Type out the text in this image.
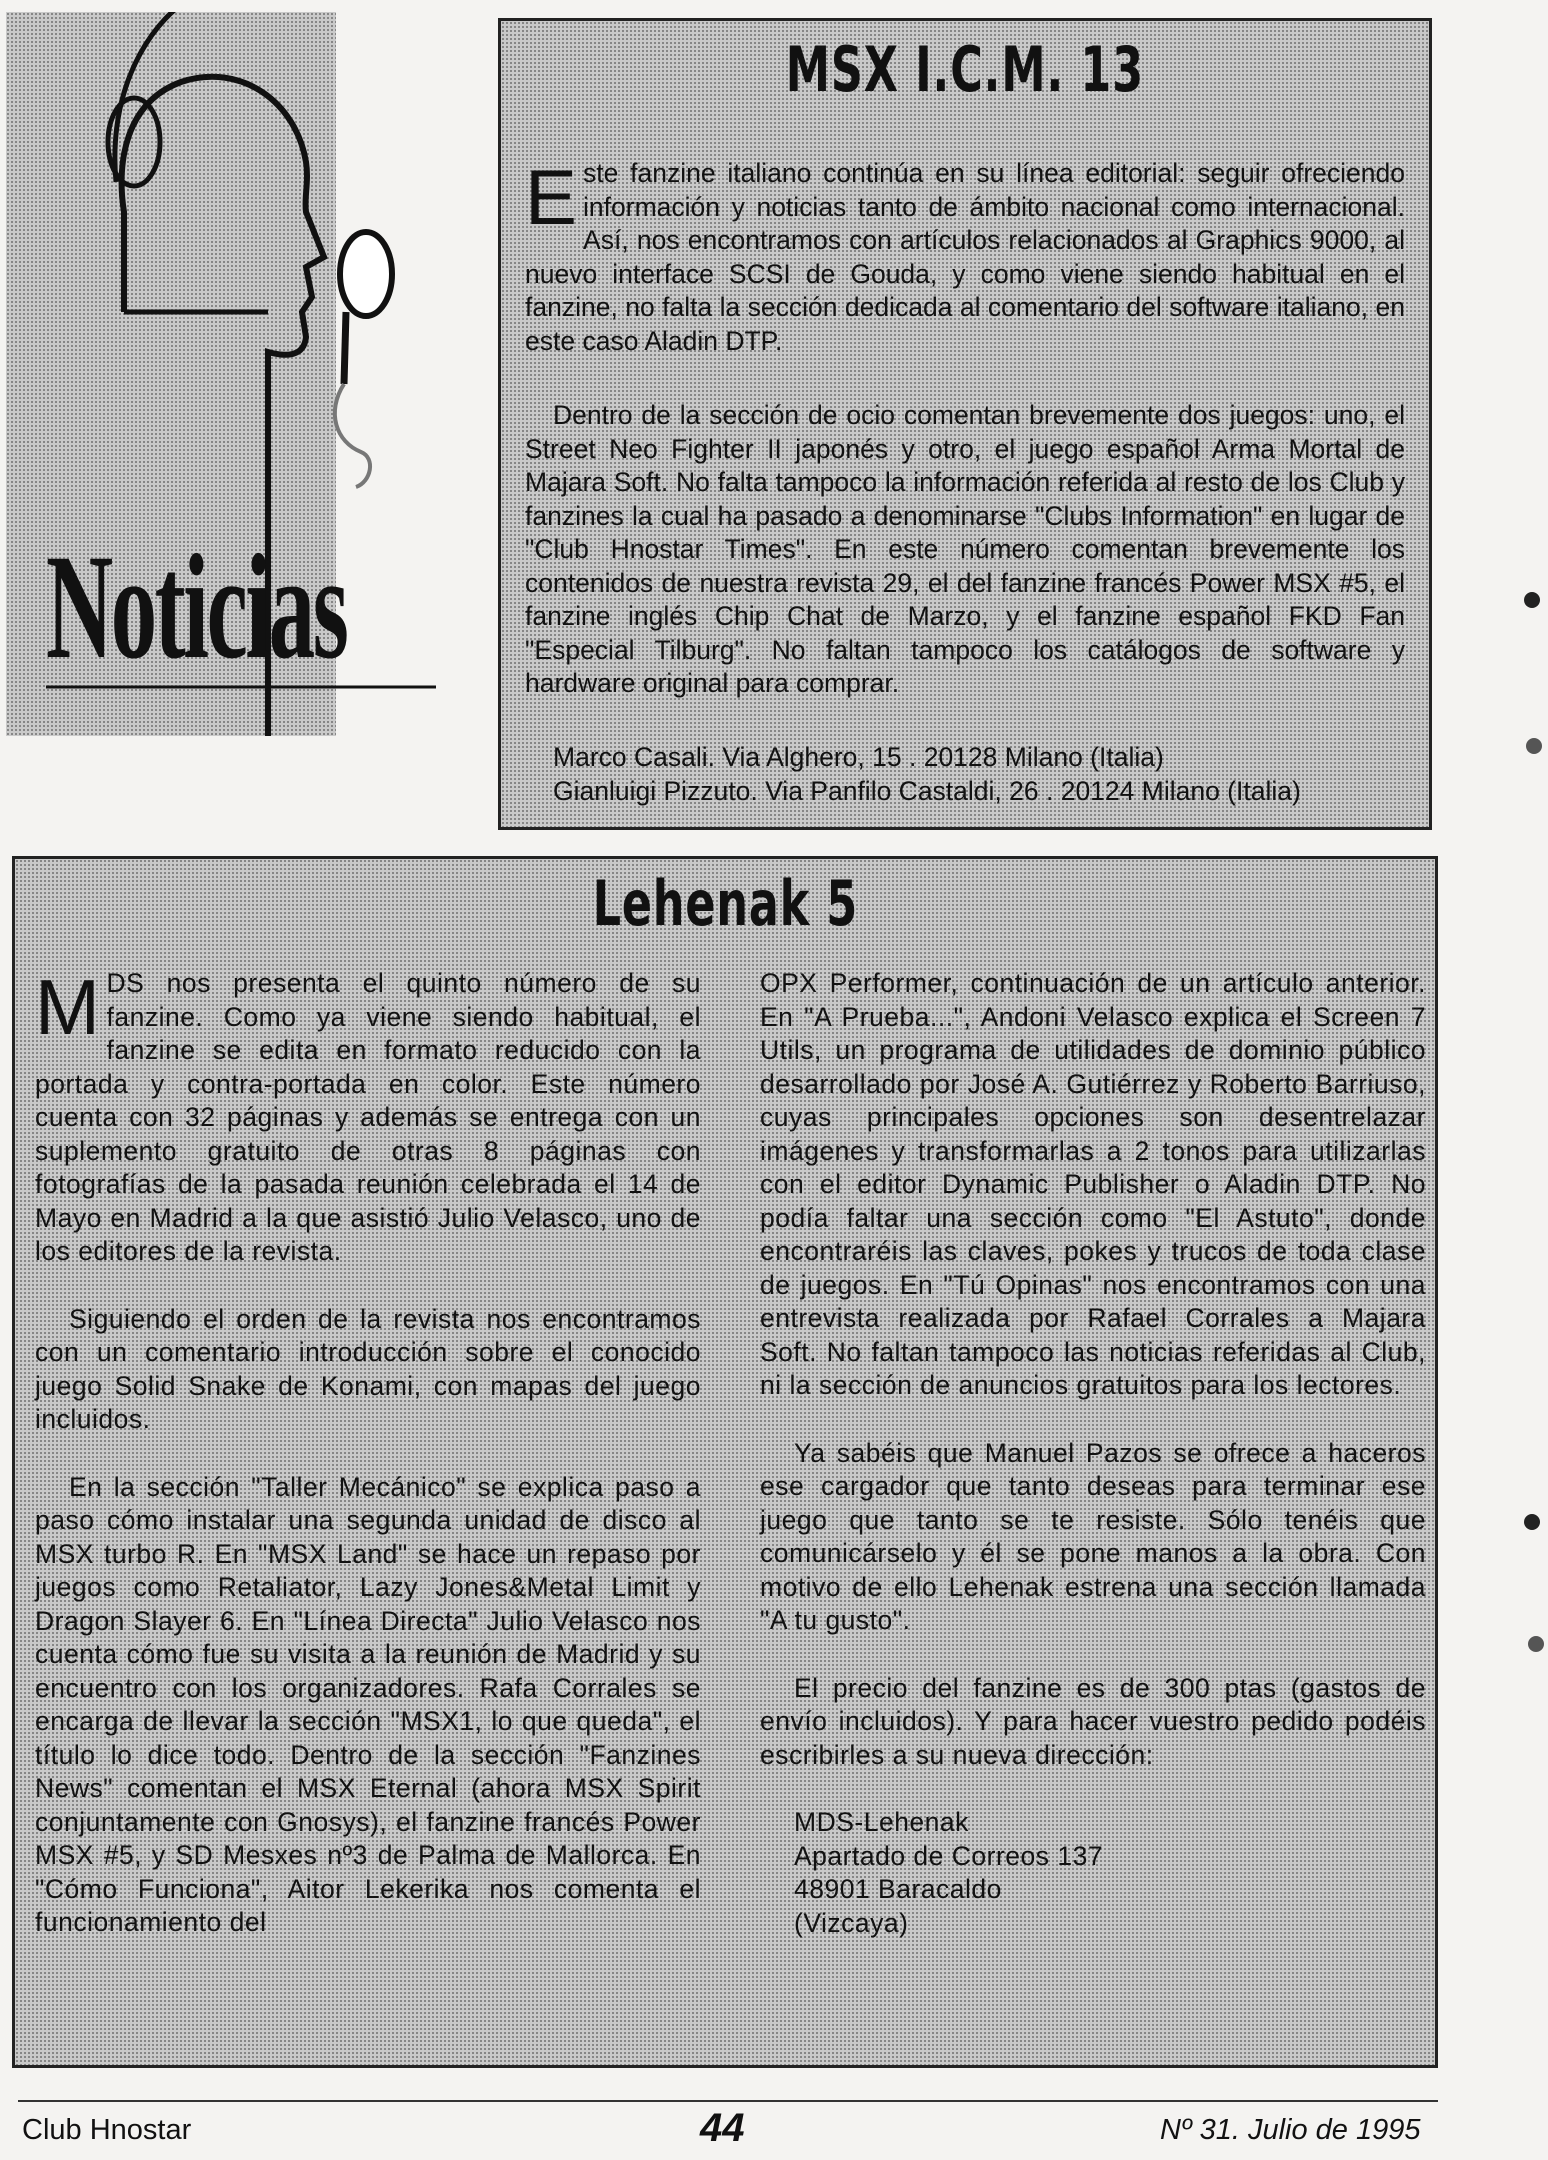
Noticias
MSX I.C.M. 13

Este fanzine italiano continúa en su línea editorial: seguir ofreciendo información y noticias tanto de ámbito nacional como internacional. Así, nos encontramos con artículos relacionados al Graphics 9000, al nuevo interface SCSI de Gouda, y como viene siendo habitual en el fanzine, no falta la sección dedicada al comentario del software italiano, en este caso Aladin DTP.

Dentro de la sección de ocio comentan brevemente dos juegos: uno, el Street Neo Fighter II japonés y otro, el juego español Arma Mortal de Majara Soft. No falta tampoco la información referida al resto de los Club y fanzines la cual ha pasado a denominarse "Clubs Information" en lugar de "Club Hnostar Times". En este número comentan brevemente los contenidos de nuestra revista 29, el del fanzine francés Power MSX #5, el fanzine inglés Chip Chat de Marzo, y el fanzine español FKD Fan "Especial Tilburg". No faltan tampoco los catálogos de software y hardware original para comprar.

Marco Casali. Via Alghero, 15 . 20128 Milano (Italia)
Gianluigi Pizzuto. Via Panfilo Castaldi, 26 . 20124 Milano (Italia)
Lehenak 5

MDS nos presenta el quinto número de su fanzine. Como ya viene siendo habitual, el fanzine se edita en formato reducido con la portada y contra-portada en color. Este número cuenta con 32 páginas y además se entrega con un suplemento gratuito de otras 8 páginas con fotografías de la pasada reunión celebrada el 14 de Mayo en Madrid a la que asistió Julio Velasco, uno de los editores de la revista.

Siguiendo el orden de la revista nos encontramos con un comentario introducción sobre el conocido juego Solid Snake de Konami, con mapas del juego incluidos.

En la sección "Taller Mecánico" se explica paso a paso cómo instalar una segunda unidad de disco al MSX turbo R. En "MSX Land" se hace un repaso por juegos como Retaliator, Lazy Jones&Metal Limit y Dragon Slayer 6. En "Línea Directa" Julio Velasco nos cuenta cómo fue su visita a la reunión de Madrid y su encuentro con los organizadores. Rafa Corrales se encarga de llevar la sección "MSX1, lo que queda", el título lo dice todo. Dentro de la sección "Fanzines News" comentan el MSX Eternal (ahora MSX Spirit conjuntamente con Gnosys), el fanzine francés Power MSX #5, y SD Mesxes nº3 de Palma de Mallorca. En "Cómo Funciona", Aitor Lekerika nos comenta el funcionamiento del

OPX Performer, continuación de un artículo anterior. En "A Prueba...", Andoni Velasco explica el Screen 7 Utils, un programa de utilidades de dominio público desarrollado por José A. Gutiérrez y Roberto Barriuso, cuyas principales opciones son desentrelazar imágenes y transformarlas a 2 tonos para utilizarlas con el editor Dynamic Publisher o Aladin DTP. No podía faltar una sección como "El Astuto", donde encontraréis las claves, pokes y trucos de toda clase de juegos. En "Tú Opinas" nos encontramos con una entrevista realizada por Rafael Corrales a Majara Soft. No faltan tampoco las noticias referidas al Club, ni la sección de anuncios gratuitos para los lectores.

Ya sabéis que Manuel Pazos se ofrece a haceros ese cargador que tanto deseas para terminar ese juego que tanto se te resiste. Sólo tenéis que comunicárselo y él se pone manos a la obra. Con motivo de ello Lehenak estrena una sección llamada "A tu gusto".

El precio del fanzine es de 300 ptas (gastos de envío incluidos). Y para hacer vuestro pedido podéis escribirles a su nueva dirección:

MDS-Lehenak
Apartado de Correos 137
48901 Baracaldo
(Vizcaya)
Club Hnostar	44	Nº 31. Julio de 1995
